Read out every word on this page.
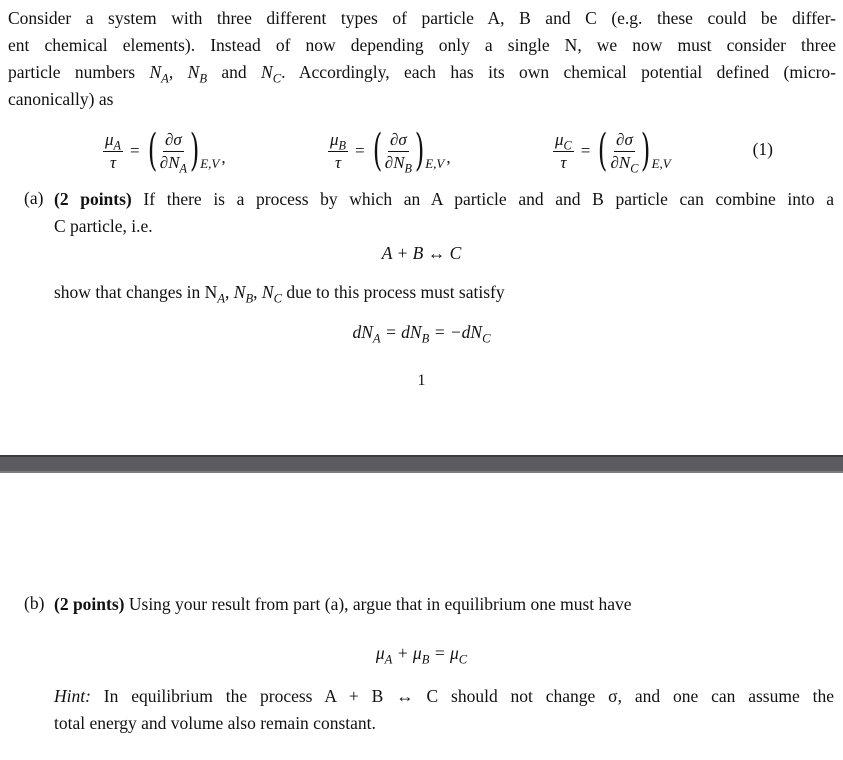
Consider a system with three different types of particle A, B and C (e.g. these could be differ-
ent chemical elements). Instead of now depending only a single N, we now must consider three
particle numbers $N_A$, $N_B$ and $N_C$. Accordingly, each has its own chemical potential defined (micro-
canonically) as
$\frac{\mu_A}{\tau}$ = ( $\frac{\partial\sigma}{\partial N_A}$ ) E,V ,	$\frac{\mu_B}{\tau}$ = ( $\frac{\partial\sigma}{\partial N_B}$ ) E,V ,	$\frac{\mu_C}{\tau}$ = ( $\frac{\partial\sigma}{\partial N_C}$ ) E,V
(1)
(a) (2 points) If there is a process by which an A particle and and B particle can combine into a
C particle, i.e.
A + B ↔ C
show that changes in $N_A$, $N_B$, $N_C$ due to this process must satisfy
$dN_A = dN_B = -dN_C$
1
(b) (2 points) Using your result from part (a), argue that in equilibrium one must have
$\mu_A + \mu_B = \mu_C$
Hint: In equilibrium the process A + B ↔ C should not change σ, and one can assume the
total energy and volume also remain constant.
